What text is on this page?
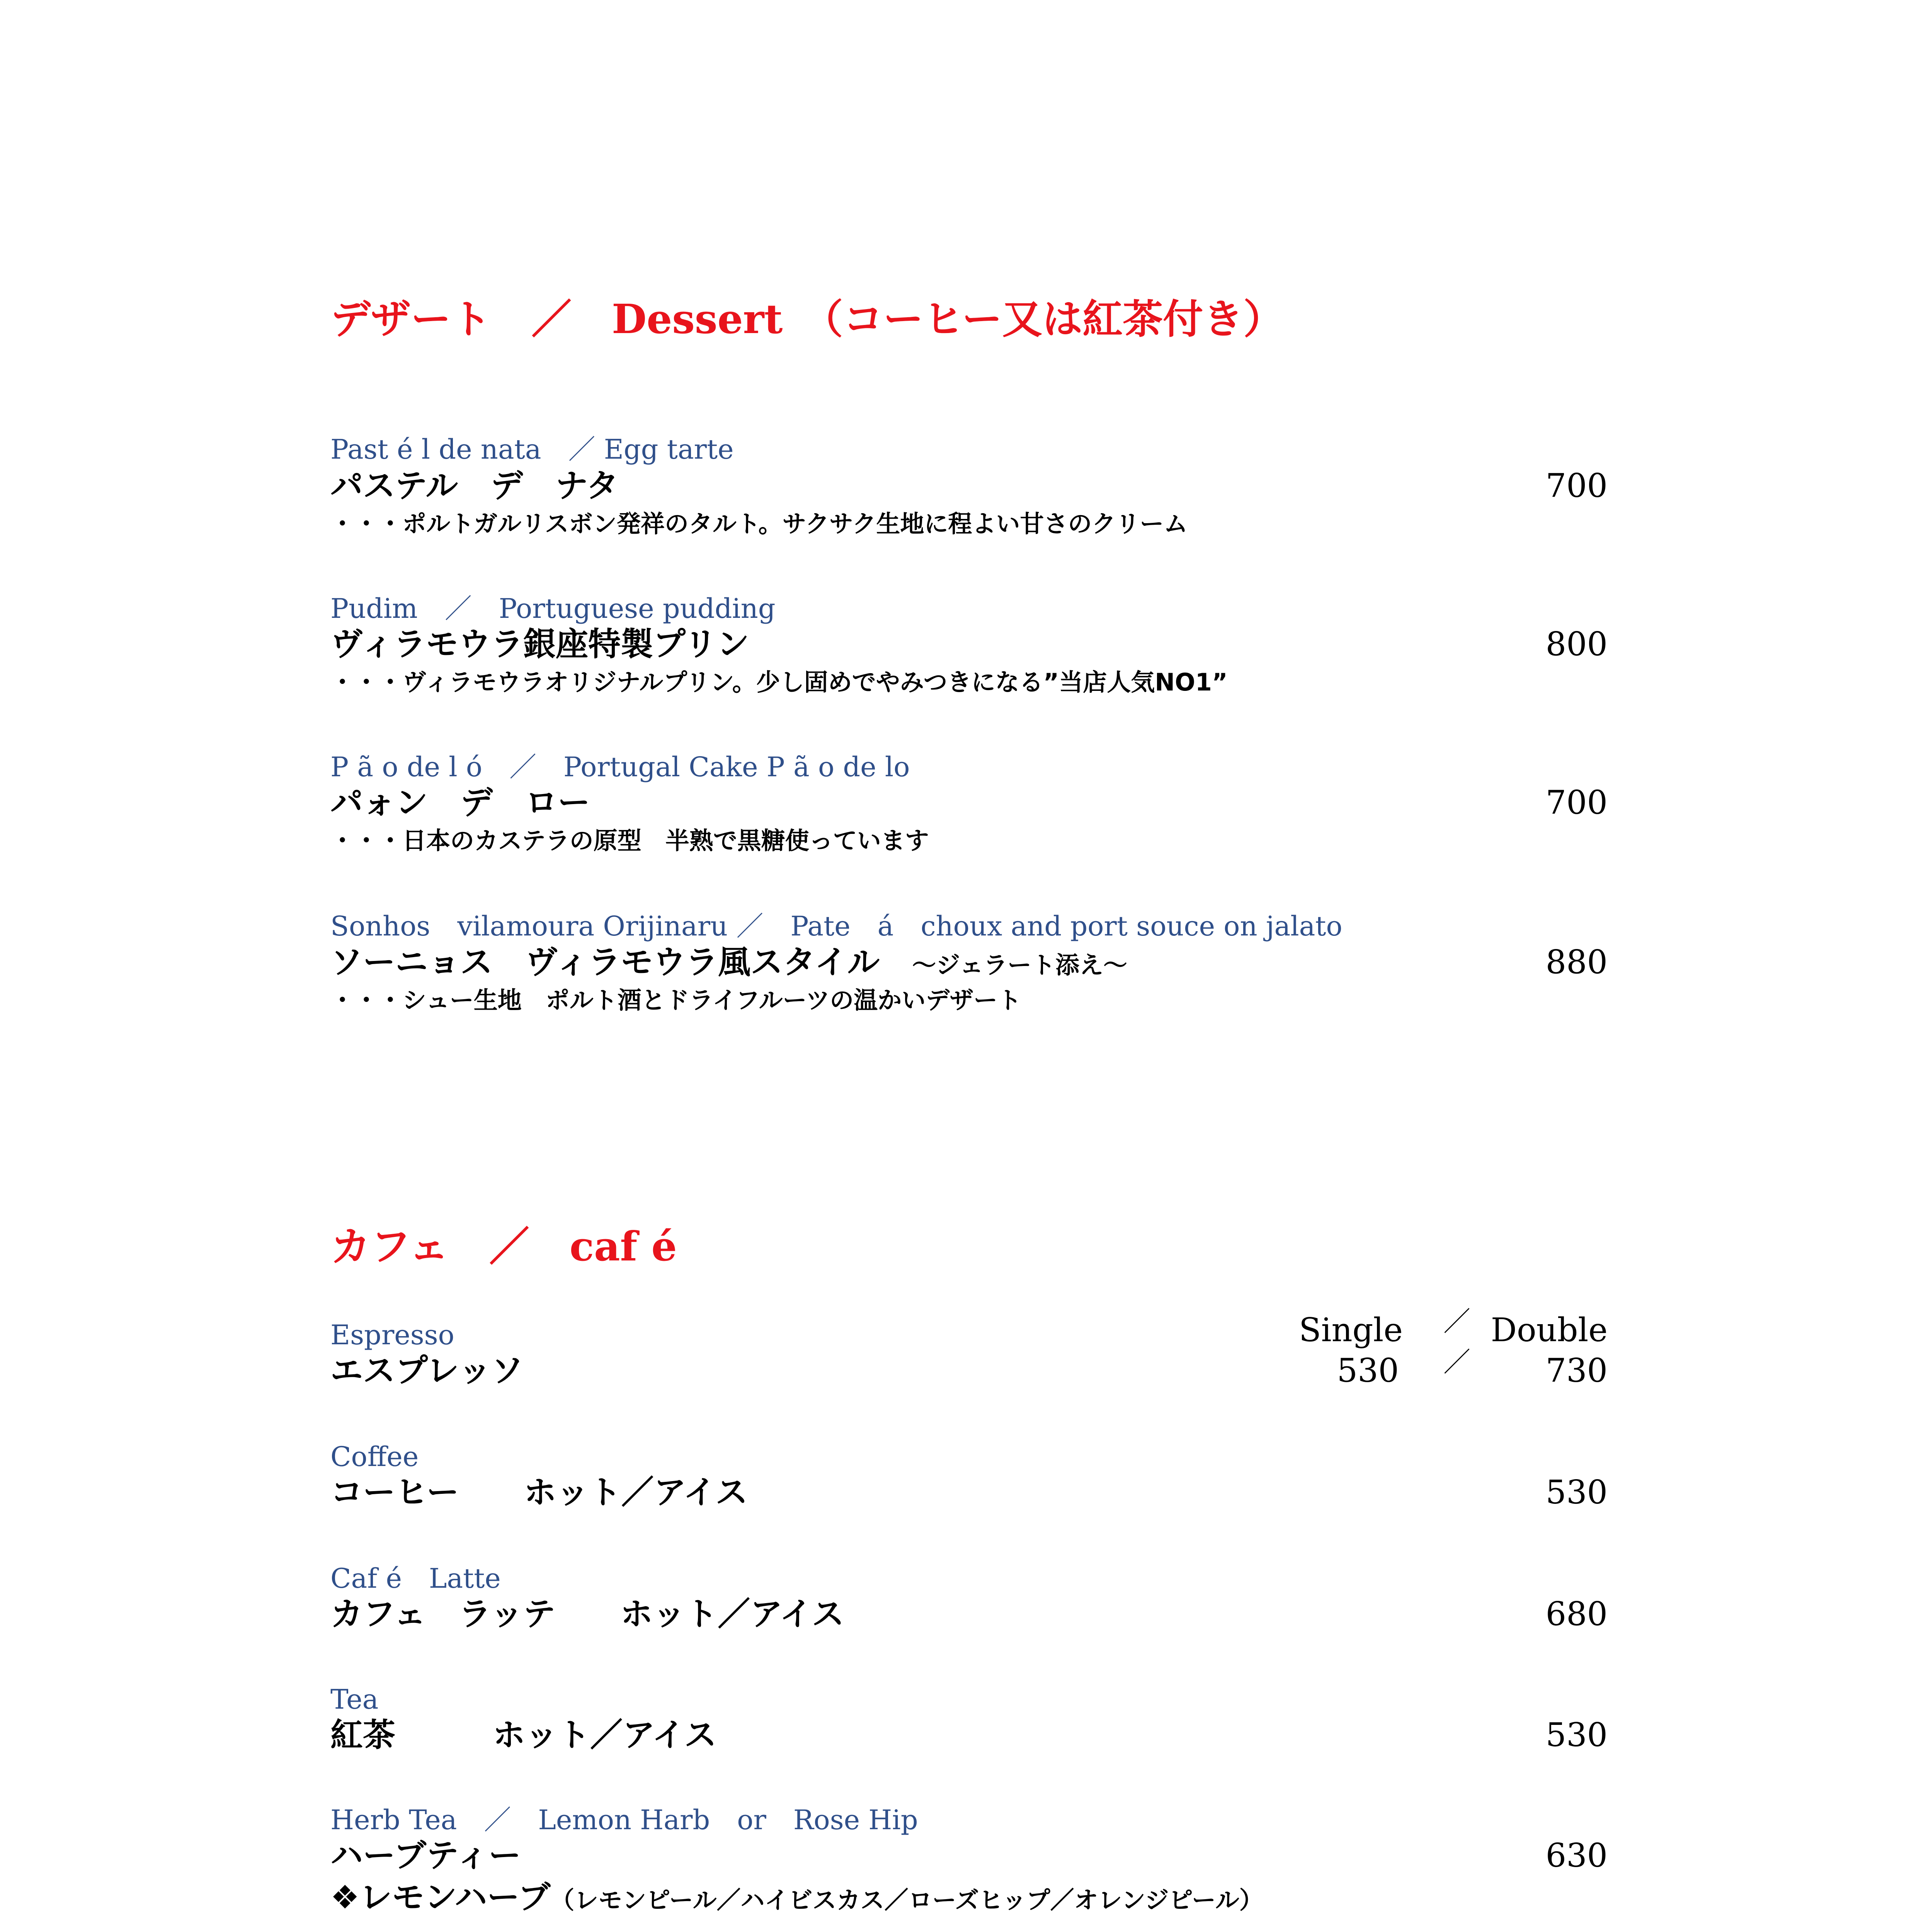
デザート　／　Dessert　（コーヒー又は紅茶付き）
Past é l de nata　／ Egg tarte
パステル　デ　ナタ	700
・・・ポルトガルリスボン発祥のタルト。サクサク生地に程よい甘さのクリーム
Pudim　／　Portuguese pudding
ヴィラモウラ銀座特製プリン	800
・・・ヴィラモウラオリジナルプリン。少し固めでやみつきになる”当店人気NO1”
P ã o de l ó　／　Portugal Cake P ã o de lo
パォン　デ　ロー	700
・・・日本のカステラの原型　半熟で黒糖使っています
Sonhos　vilamoura Orijinaru ／　Pate　á　choux and port souce on jalato
ソーニョス　ヴィラモウラ風スタイル　～ジェラート添え～	880
・・・シュー生地　ポルト酒とドライフルーツの温かいデザート
カフェ　／　caf é
Espresso
エスプレッソ
Single	／ Double
530	／	730
Coffee
コーヒー　　ホット／アイス	530
Caf é　Latte
カフェ　ラッテ　　ホット／アイス	680
Tea
紅茶　　　ホット／アイス	530
Herb Tea　／　Lemon Harb　or　Rose Hip
ハーブティー	630
❖レモンハーブ（レモンピール／ハイビスカス／ローズヒップ／オレンジピール）
